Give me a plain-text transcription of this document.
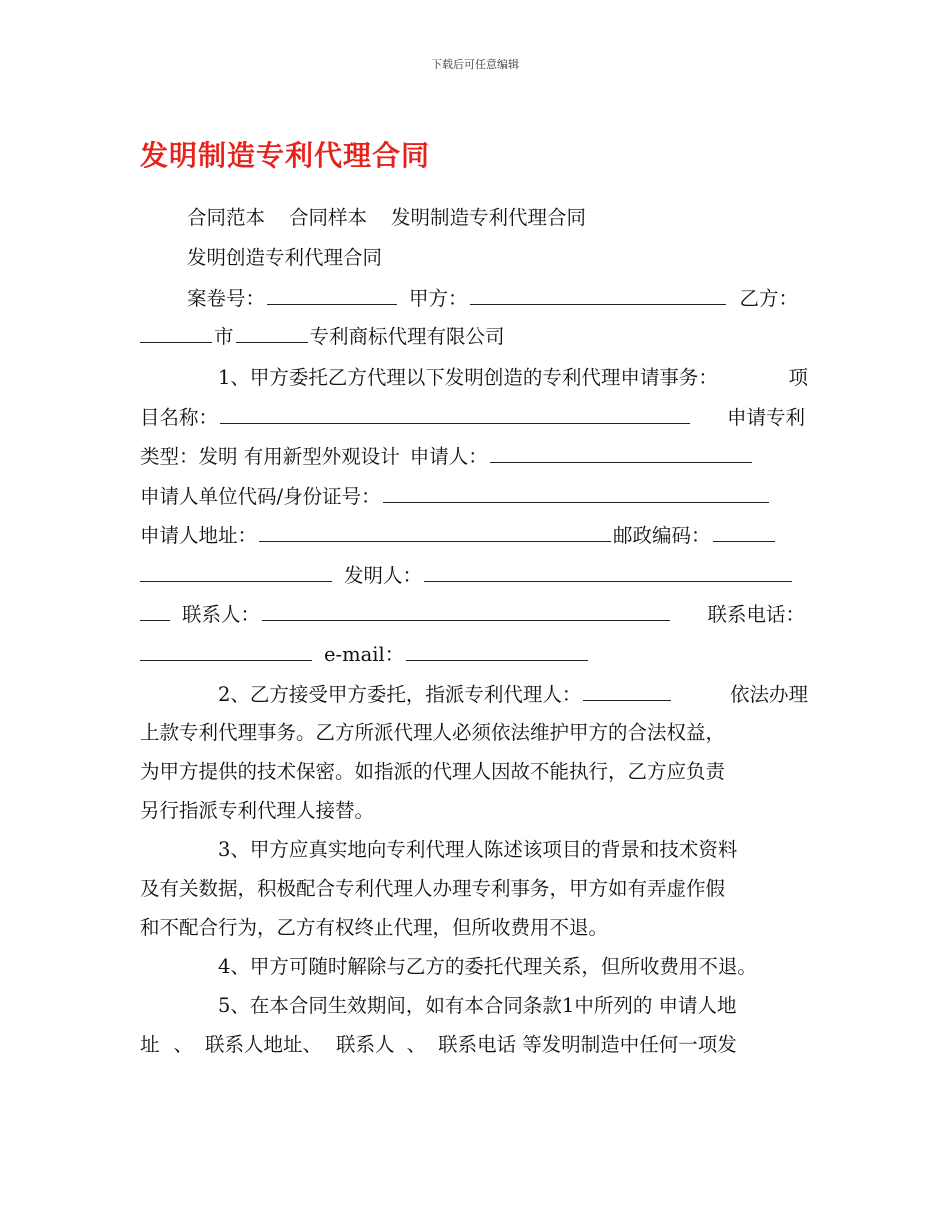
下载后可任意编辑
发明制造专利代理合同
合同范本 合同样本 发明制造专利代理合同
发明创造专利代理合同
案卷号：	甲方：	乙方：
市	专利商标代理有限公司
1、甲方委托乙方代理以下发明创造的专利代理申请事务：	项
目名称：	申请专利
类型：发明 有用新型外观设计 申请人：
申请人单位代码/身份证号：
申请人地址：	邮政编码：
发明人：
联系人：	联系电话：
e-mail：
2、乙方接受甲方委托，指派专利代理人：	依法办理
上款专利代理事务。乙方所派代理人必须依法维护甲方的合法权益，
为甲方提供的技术保密。如指派的代理人因故不能执行，乙方应负责
另行指派专利代理人接替。
3、甲方应真实地向专利代理人陈述该项目的背景和技术资料
及有关数据，积极配合专利代理人办理专利事务，甲方如有弄虚作假
和不配合行为，乙方有权终止代理，但所收费用不退。
4、甲方可随时解除与乙方的委托代理关系，但所收费用不退。
5、在本合同生效期间，如有本合同条款1中所列的 申请人地
址 、 联系人地址、 联系人 、 联系电话 等发明制造中任何一项发
